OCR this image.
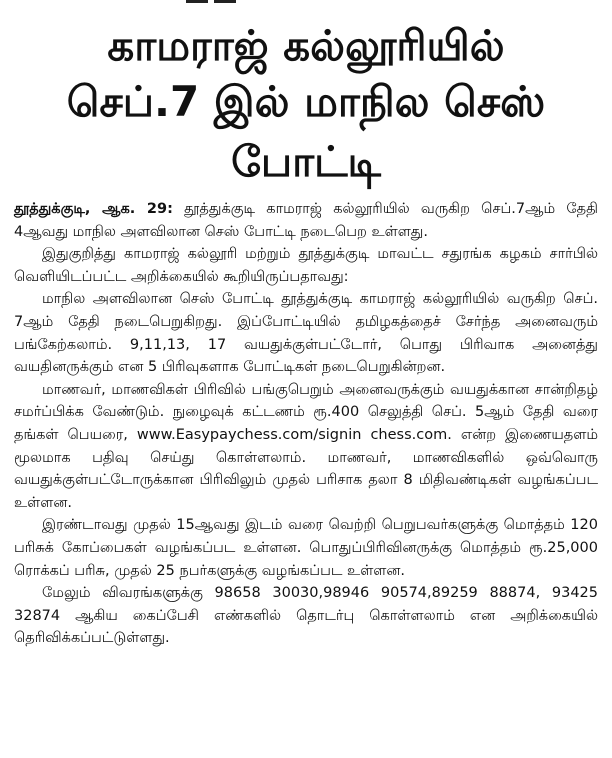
காமராஜ் கல்லூரியில்
செப்.7 இல் மாநில செஸ் போட்டி

தூத்துக்குடி, ஆக. 29: தூத்துக்குடி காமராஜ் கல்லூரியில் வருகிற செப்.7ஆம் தேதி 4ஆவது மாநில அளவிலான செஸ் போட்டி நடைபெற உள்ளது.

இதுகுறித்து காமராஜ் கல்லூரி மற்றும் தூத்துக்குடி மாவட்ட சதுரங்க கழகம் சார்பில் வெளியிடப்பட்ட அறிக்கையில் கூறியிருப்பதாவது:

மாநில அளவிலான செஸ் போட்டி தூத்துக்குடி காமராஜ் கல்லூரியில் வருகிற செப். 7ஆம் தேதி நடைபெறுகிறது. இப்போட்டியில் தமிழகத்தைச் சேர்ந்த அனைவரும் பங்கேற்கலாம். 9,11,13, 17 வயதுக்குள்பட்டோர், பொது பிரிவாக அனைத்து வயதினருக்கும் என 5 பிரிவுகளாக போட்டிகள் நடைபெறுகின்றன.

மாணவர், மாணவிகள் பிரிவில் பங்குபெறும் அனைவருக்கும் வயதுக்கான சான்றிதழ் சமர்ப்பிக்க வேண்டும். நுழைவுக் கட்டணம் ரூ.400 செலுத்தி செப். 5ஆம் தேதி வரை தங்கள் பெயரை, www.Easypaychess.com/signin chess.com. என்ற இணையதளம் மூலமாக பதிவு செய்து கொள்ளலாம். மாணவர், மாணவிகளில் ஒவ்வொரு வயதுக்குள்பட்டோருக்கான பிரிவிலும் முதல் பரிசாக தலா 8 மிதிவண்டிகள் வழங்கப்பட உள்ளன.

இரண்டாவது முதல் 15ஆவது இடம் வரை வெற்றி பெறுபவர்களுக்கு மொத்தம் 120 பரிசுக் கோப்பைகள் வழங்கப்பட உள்ளன. பொதுப்பிரிவினருக்கு மொத்தம் ரூ.25,000 ரொக்கப் பரிசு, முதல் 25 நபர்களுக்கு வழங்கப்பட உள்ளன.

மேலும் விவரங்களுக்கு 98658 30030,98946 90574,89259 88874, 93425 32874 ஆகிய கைப்பேசி எண்களில் தொடர்பு கொள்ளலாம் என அறிக்கையில் தெரிவிக்கப்பட்டுள்ளது.
